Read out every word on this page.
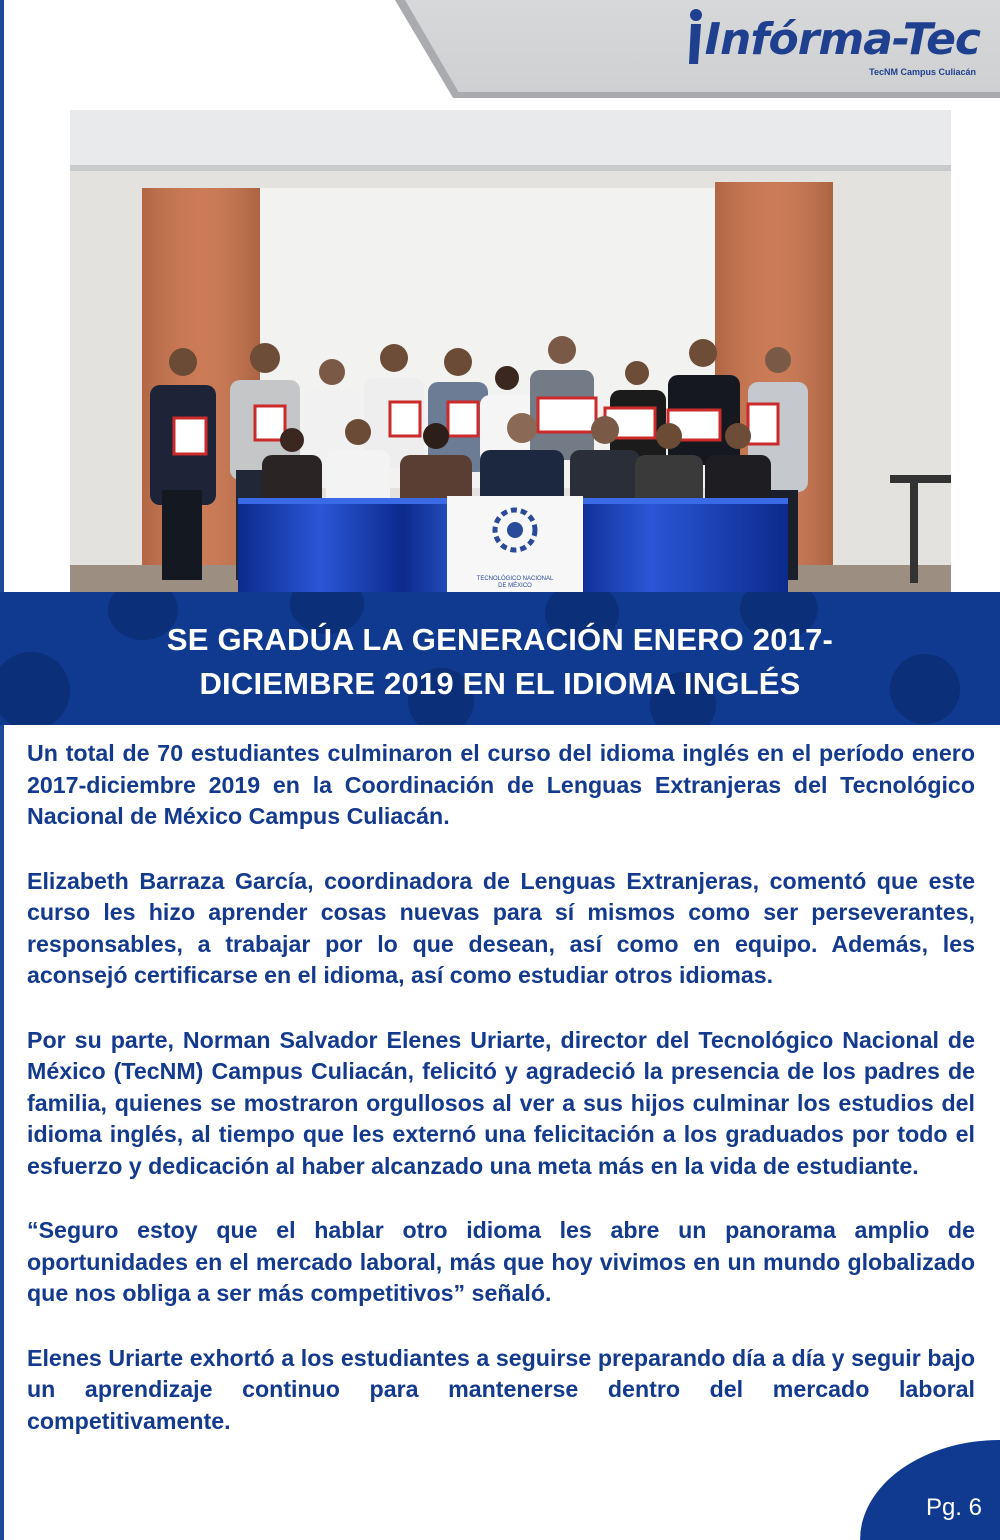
Infórma-Tec
TecNM Campus Culiacán
TECNOLÓGICO NACIONAL DE MÉXICO
SE GRADÚA LA GENERACIÓN ENERO 2017-
DICIEMBRE 2019 EN EL IDIOMA INGLÉS

Un total de 70 estudiantes culminaron el curso del idioma inglés en el período enero 2017-diciembre 2019 en la Coordinación de Lenguas Extranjeras del Tecnológico Nacional de México Campus Culiacán.

Elizabeth Barraza García, coordinadora de Lenguas Extranjeras, comentó que este curso les hizo aprender cosas nuevas para sí mismos como ser perseverantes, responsables, a trabajar por lo que desean, así como en equipo. Además, les aconsejó certificarse en el idioma, así como estudiar otros idiomas.

Por su parte, Norman Salvador Elenes Uriarte, director del Tecnológico Nacional de México (TecNM) Campus Culiacán, felicitó y agradeció la presencia de los padres de familia, quienes se mostraron orgullosos al ver a sus hijos culminar los estudios del idioma inglés, al tiempo que les externó una felicitación a los graduados por todo el esfuerzo y dedicación al haber alcanzado una meta más en la vida de estudiante.

“Seguro estoy que el hablar otro idioma les abre un panorama amplio de oportunidades en el mercado laboral, más que hoy vivimos en un mundo globalizado que nos obliga a ser más competitivos” señaló.

Elenes Uriarte exhortó a los estudiantes a seguirse preparando día a día y seguir bajo un aprendizaje continuo para mantenerse dentro del mercado laboral competitivamente.

Pg. 6
